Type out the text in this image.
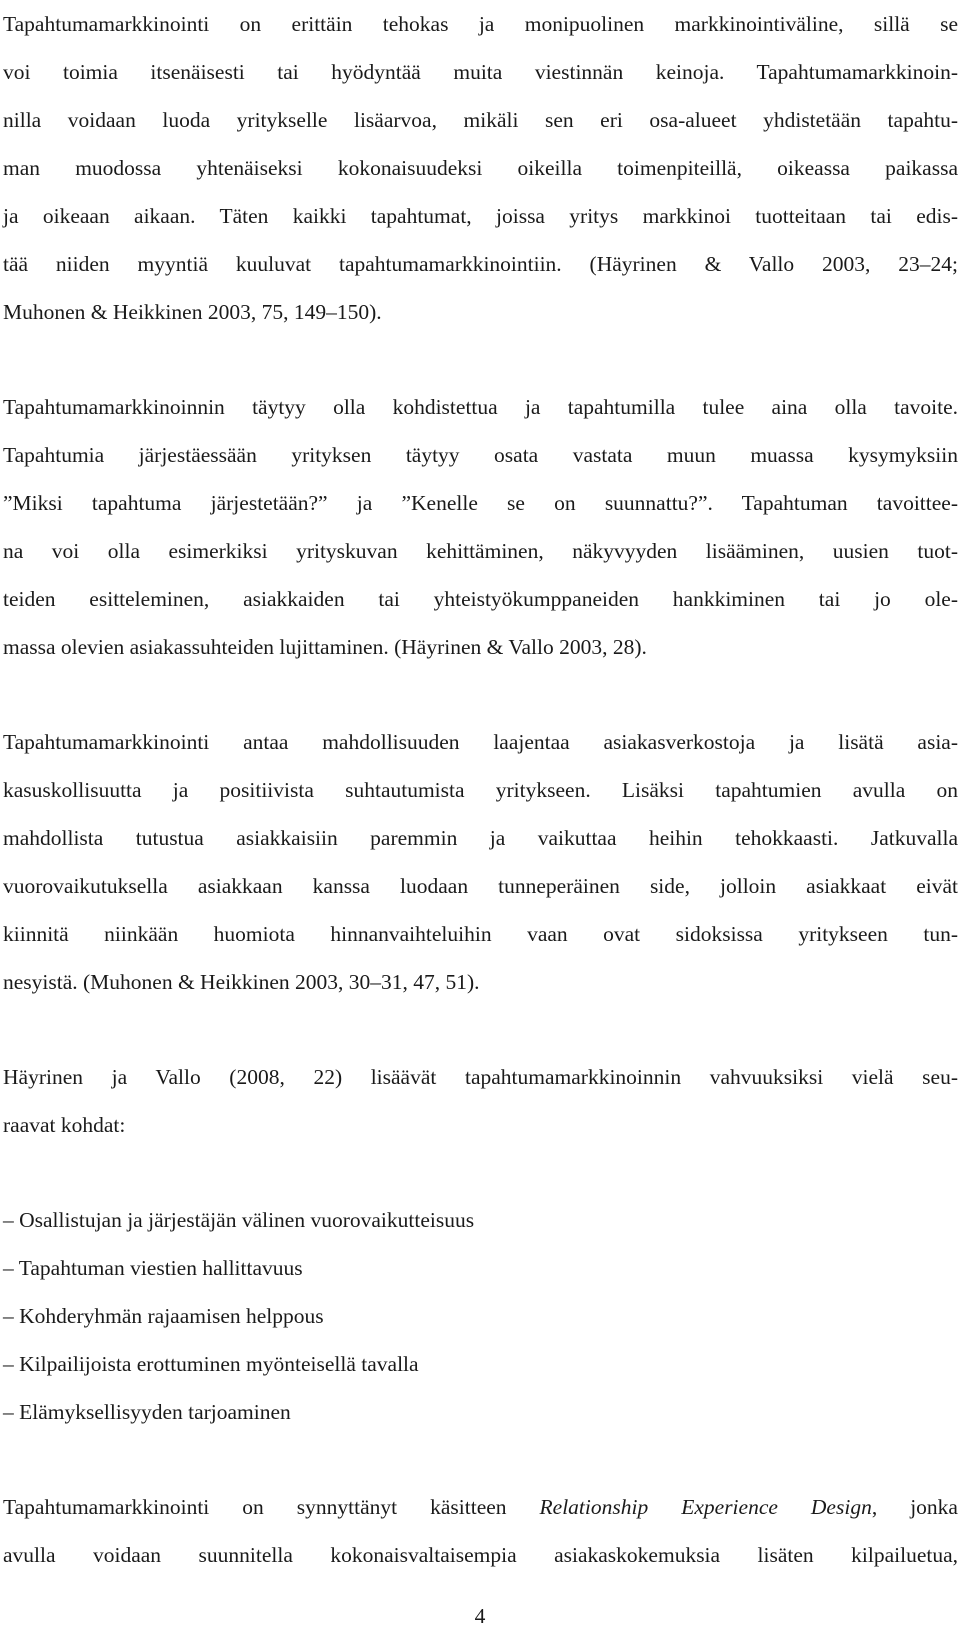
Tapahtumamarkkinointi on erittäin tehokas ja monipuolinen markkinointiväline, sillä se
voi toimia itsenäisesti tai hyödyntää muita viestinnän keinoja. Tapahtumamarkkinoin-
nilla voidaan luoda yritykselle lisäarvoa, mikäli sen eri osa-alueet yhdistetään tapahtu-
man muodossa yhtenäiseksi kokonaisuudeksi oikeilla toimenpiteillä, oikeassa paikassa
ja oikeaan aikaan. Täten kaikki tapahtumat, joissa yritys markkinoi tuotteitaan tai edis-
tää niiden myyntiä kuuluvat tapahtumamarkkinointiin. (Häyrinen & Vallo 2003, 23–24;
Muhonen & Heikkinen 2003, 75, 149–150).

Tapahtumamarkkinoinnin täytyy olla kohdistettua ja tapahtumilla tulee aina olla tavoite.
Tapahtumia järjestäessään yrityksen täytyy osata vastata muun muassa kysymyksiin
”Miksi tapahtuma järjestetään?” ja ”Kenelle se on suunnattu?”. Tapahtuman tavoittee-
na voi olla esimerkiksi yrityskuvan kehittäminen, näkyvyyden lisääminen, uusien tuot-
teiden esitteleminen, asiakkaiden tai yhteistyökumppaneiden hankkiminen tai jo ole-
massa olevien asiakassuhteiden lujittaminen. (Häyrinen & Vallo 2003, 28).

Tapahtumamarkkinointi antaa mahdollisuuden laajentaa asiakasverkostoja ja lisätä asia-
kasuskollisuutta ja positiivista suhtautumista yritykseen. Lisäksi tapahtumien avulla on
mahdollista tutustua asiakkaisiin paremmin ja vaikuttaa heihin tehokkaasti. Jatkuvalla
vuorovaikutuksella asiakkaan kanssa luodaan tunneperäinen side, jolloin asiakkaat eivät
kiinnitä niinkään huomiota hinnanvaihteluihin vaan ovat sidoksissa yritykseen tun-
nesyistä. (Muhonen & Heikkinen 2003, 30–31, 47, 51).

Häyrinen ja Vallo (2008, 22) lisäävät tapahtumamarkkinoinnin vahvuuksiksi vielä seu-
raavat kohdat:

– Osallistujan ja järjestäjän välinen vuorovaikutteisuus
– Tapahtuman viestien hallittavuus
– Kohderyhmän rajaamisen helppous
– Kilpailijoista erottuminen myönteisellä tavalla
– Elämyksellisyyden tarjoaminen

Tapahtumamarkkinointi on synnyttänyt käsitteen Relationship Experience Design, jonka
avulla voidaan suunnitella kokonaisvaltaisempia asiakaskokemuksia lisäten kilpailuetua,

4
